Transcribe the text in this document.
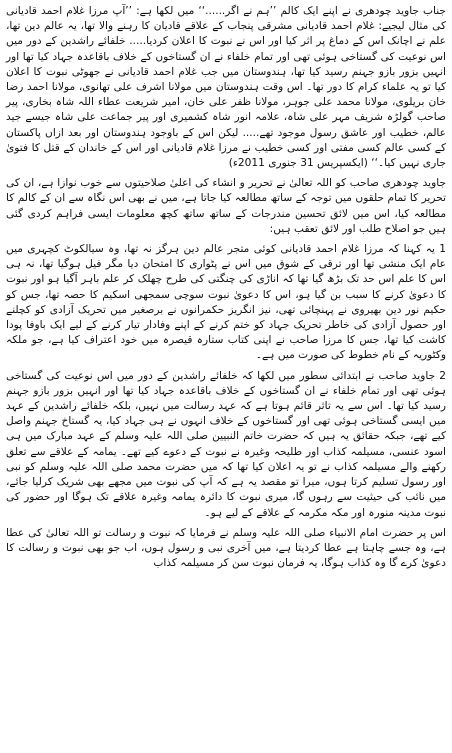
جناب جاوید چودھری نے اپنے ایک کالم ’’ہم نے اگر......‘‘ میں لکھا ہے: ’’آپ مرزا غلام احمد قادیانی کی مثال لیجیے: غلام احمد قادیانی مشرقی پنجاب کے علاقے قادیان کا رہنے والا تھا، یہ عالم دین تھا، علم نے اچانک اس کے دماغ پر اثر کیا اور اس نے نبوت کا اعلان کردیا..... خلفائے راشدین کے دور میں اس نوعیت کی گستاخی ہوئی تھی اور تمام خلفاء نے ان گستاخوں کے خلاف باقاعدہ جہاد کیا تھا اور انہیں بزور بازو جہنم رسید کیا تھا، ہندوستان میں جب غلام احمد قادیانی نے جھوٹی نبوت کا اعلان کیا تو یہ علماء کرام کا دور تھا۔ اس وقت ہندوستان میں مولانا اشرف علی تھانوی، مولانا احمد رضا خان بریلوی، مولانا محمد علی جوہر، مولانا ظفر علی خان، امیر شریعت عطاء اللہ شاہ بخاری، پیر صاحب گولڑہ شریف مہر علی شاہ، علامہ انور شاہ کشمیری اور پیر جماعت علی شاہ جیسے جید عالم، خطیب اور عاشق رسول موجود تھے..... لیکن اس کے باوجود ہندوستان اور بعد ازاں پاکستان کے کسی عالم کسی مفتی اور کسی خطیب نے مرزا غلام قادیانی اور اس کے خاندان کے قتل کا فتویٰ جاری نہیں کیا۔‘‘ (ایکسپریس 31 جنوری 2011ء)

جاوید چودھری صاحب کو اللہ تعالیٰ نے تحریر و انشاء کی اعلیٰ صلاحیتوں سے خوب نوازا ہے، ان کی تحریر کا تمام حلقوں میں توجہ کے ساتھ مطالعہ کیا جاتا ہے، میں نے بھی اس نگاہ سے ان کے کالم کا مطالعہ کیا، اس میں لائق تحسین مندرجات کے ساتھ ساتھ کچھ معلومات ایسی فراہم کردی گئی ہیں جو اصلاح طلب اور لائق تعقب ہیں:

1 یہ کہنا کہ مرزا غلام احمد قادیانی کوئی متجر عالم دین ہرگز نہ تھا، وہ سیالکوٹ کچہری میں عام ایک منشی تھا اور ترقی کے شوق میں اس نے پٹواری کا امتحان دیا مگر فیل ہوگیا تھا، نہ ہی اس کا علم اس حد تک بڑھ گیا تھا کہ اناڑی کی چنگتی کی طرح چھلک کر علم باہر آگیا ہو اور نبوت کا دعویٰ کرنے کا سبب بن گیا ہو، اس کا دعویٰ نبوت سوچی سمجھی اسکیم کا حصہ تھا، جس کو حکیم نور دین بھیروی نے پہنچائی تھی، نیز انگریز حکمرانوں نے برصغیر میں تحریک آزادی کو کچلنے اور حصول آزادی کی خاطر تحریک جہاد کو ختم کرنے کے اپنے وفادار تیار کرنے کے لیے ایک باوفا پودا کاشت کیا تھا، جس کا مرزا صاحب نے اپنی کتاب ستارہ قیصرہ میں خود اعتراف کیا ہے، جو ملکہ وکٹوریہ کے نام خطوط کی صورت میں ہے۔

2 جاوید صاحب نے ابتدائی سطور میں لکھا کہ خلفائے راشدین کے دور میں اس نوعیت کی گستاخی ہوئی تھی اور تمام خلفاء نے ان گستاخوں کے خلاف باقاعدہ جہاد کیا تھا اور انہیں بزور بازو جہنم رسید کیا تھا۔ اس سے یہ تاثر قائم ہوتا ہے کہ عہد رسالت میں نہیں، بلکہ خلفائے راشدین کے عہد میں ایسی گستاخی ہوئی تھی اور گستاخوں کے خلاف انہوں نے ہی جہاد کیا، یہ گستاخ جہنم واصل کیے تھے، جبکہ حقائق یہ ہیں کہ حضرت خاتم النبیین صلی اللہ علیہ وسلم کے عہد مبارک میں ہی اسود عنسی، مسیلمہ کذاب اور طلیحہ وغیرہ نے نبوت کے دعوے کیے تھے۔ یمامہ کے علاقے سے تعلق رکھنے والے مسیلمہ کذاب نے تو یہ اعلان کیا تھا کہ میں حضرت محمد صلی اللہ علیہ وسلم کو نبی اور رسول تسلیم کرتا ہوں، میرا تو مقصد یہ ہے کہ آپ کی نبوت میں مجھے بھی شریک کرلیا جائے، میں نائب کی حیثیت سے رہوں گا، میری نبوت کا دائرہ یمامہ وغیرہ علاقے تک ہوگا اور حضور کی نبوت مدینہ منورہ اور مکہ مکرمہ کے علاقے کے لیے ہو۔

اس پر حضرت امام الانبیاء صلی اللہ علیہ وسلم نے فرمایا کہ نبوت و رسالت تو اللہ تعالیٰ کی عطا ہے، وہ جسے چاہتا ہے عطا کردیتا ہے، میں آخری نبی و رسول ہوں، اب جو بھی نبوت و رسالت کا دعویٰ کرے گا وہ کذاب ہوگا، یہ فرمان نبوت سن کر مسیلمہ کذاب
